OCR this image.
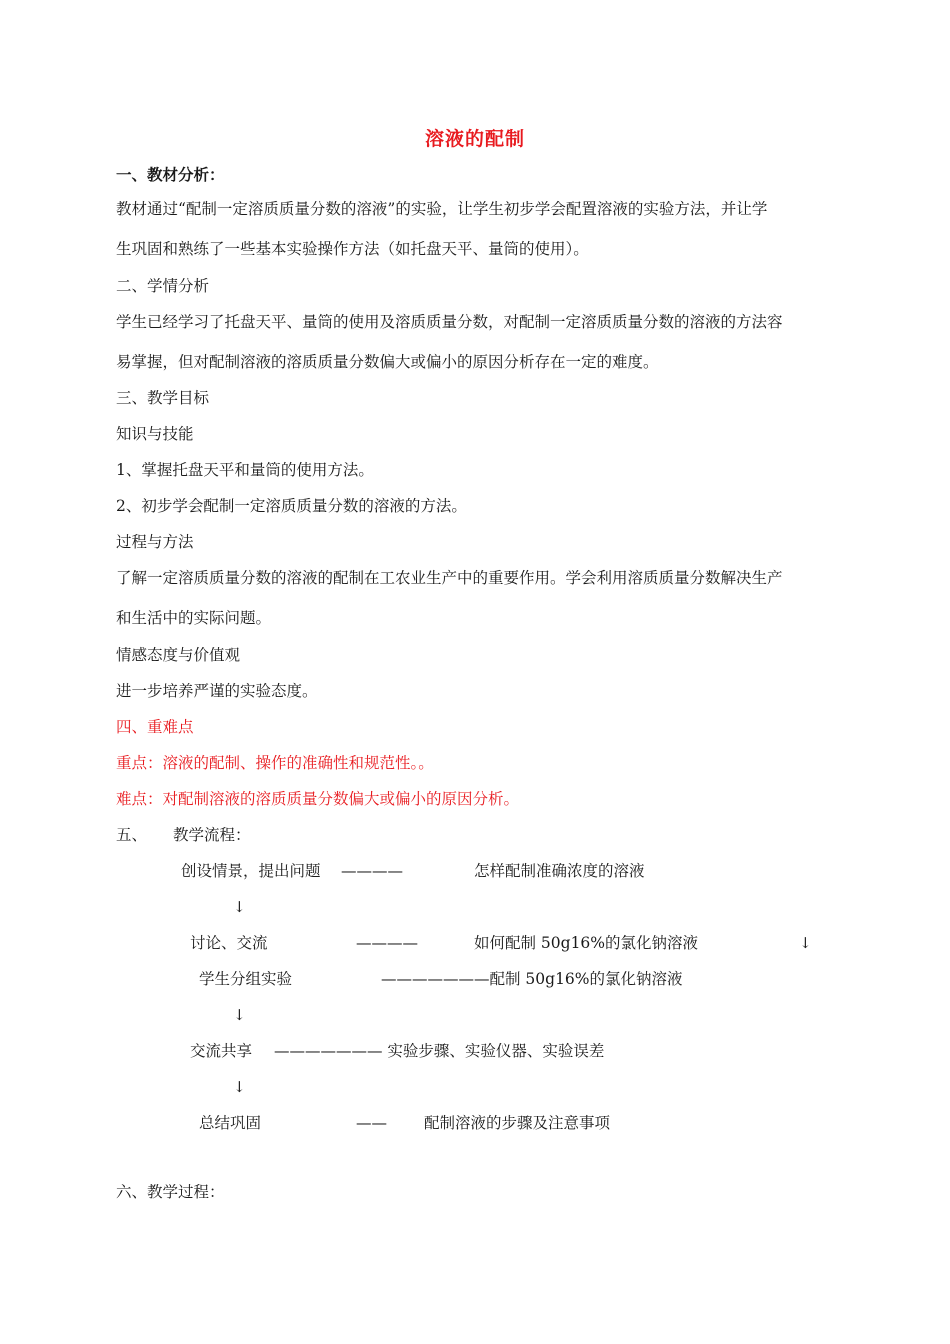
溶液的配制
一、教材分析：
教材通过“配制一定溶质质量分数的溶液”的实验，让学生初步学会配置溶液的实验方法，并让学
生巩固和熟练了一些基本实验操作方法（如托盘天平、量筒的使用）。
二、学情分析
学生已经学习了托盘天平、量筒的使用及溶质质量分数，对配制一定溶质质量分数的溶液的方法容
易掌握，但对配制溶液的溶质质量分数偏大或偏小的原因分析存在一定的难度。
三、教学目标
知识与技能
1、掌握托盘天平和量筒的使用方法。
2、初步学会配制一定溶质质量分数的溶液的方法。
过程与方法
了解一定溶质质量分数的溶液的配制在工农业生产中的重要作用。学会利用溶质质量分数解决生产
和生活中的实际问题。
情感态度与价值观
进一步培养严谨的实验态度。
四、重难点
重点：溶液的配制、操作的准确性和规范性。。
难点：对配制溶液的溶质质量分数偏大或偏小的原因分析。
五、 教学流程：
创设情景，提出问题 ————	怎样配制准确浓度的溶液
↓
讨论、交流	————	如何配制 50g16%的氯化钠溶液	↓
学生分组实验	———————配制 50g16%的氯化钠溶液
↓
交流共享 ——————— 实验步骤、实验仪器、实验误差
↓
总结巩固	—— 配制溶液的步骤及注意事项
六、教学过程：
